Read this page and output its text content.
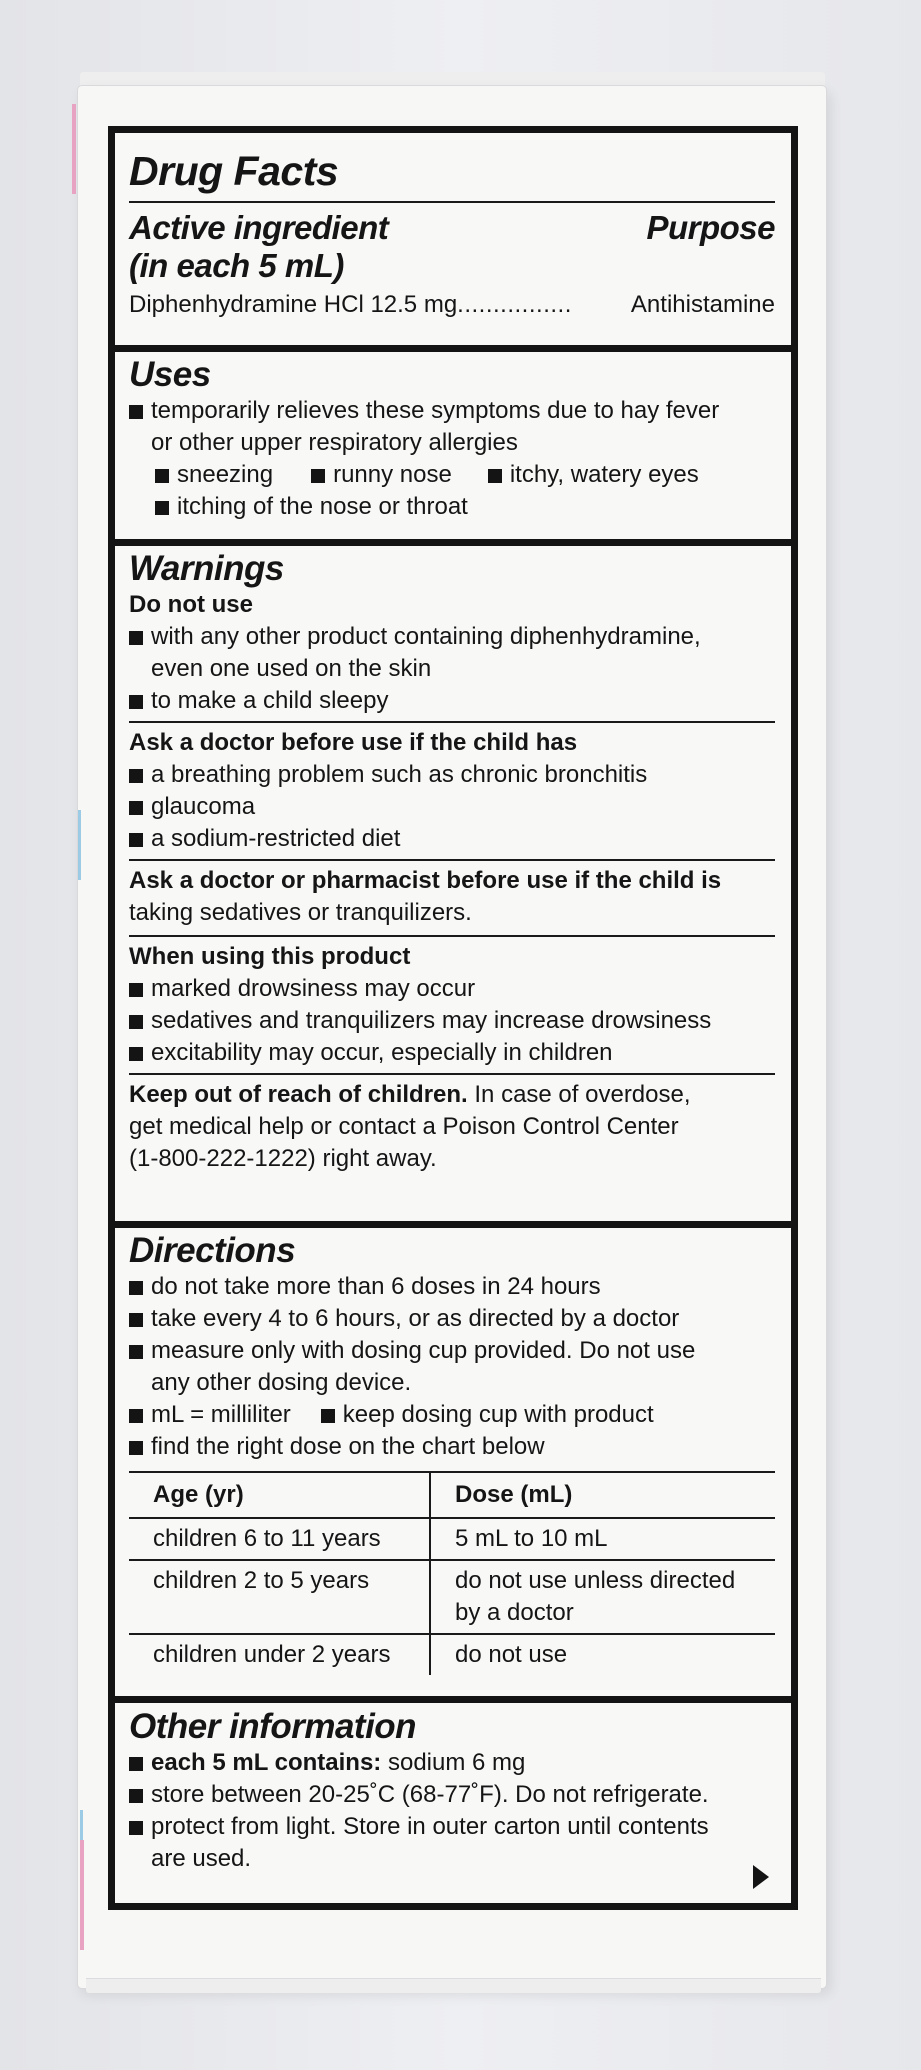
Drug Facts
Active ingredient
(in each 5 mL)
Purpose
Diphenhydramine HCl 12.5 mg ................	Antihistamine
Uses
temporarily relieves these symptoms due to hay fever
or other upper respiratory allergies
sneezing	runny nose itchy, watery eyes
itching of the nose or throat
Warnings
Do not use
with any other product containing diphenhydramine,
even one used on the skin
to make a child sleepy
Ask a doctor before use if the child has
a breathing problem such as chronic bronchitis
glaucoma
a sodium-restricted diet
Ask a doctor or pharmacist before use if the child is
taking sedatives or tranquilizers.
When using this product
marked drowsiness may occur
sedatives and tranquilizers may increase drowsiness
excitability may occur, especially in children
Keep out of reach of children. In case of overdose,
get medical help or contact a Poison Control Center
(1-800-222-1222) right away.
Directions
do not take more than 6 doses in 24 hours
take every 4 to 6 hours, or as directed by a doctor
measure only with dosing cup provided. Do not use
any other dosing device.
mL = milliliter keep dosing cup with product
find the right dose on the chart below
Age (yr)	Dose (mL)
children 6 to 11 years	5 mL to 10 mL
children 2 to 5 years	do not use unless directed
by a doctor

children under 2 years	do not use
Other information
each 5 mL contains: sodium 6 mg
store between 20-25˚C (68-77˚F). Do not refrigerate.
protect from light. Store in outer carton until contents
are used.
